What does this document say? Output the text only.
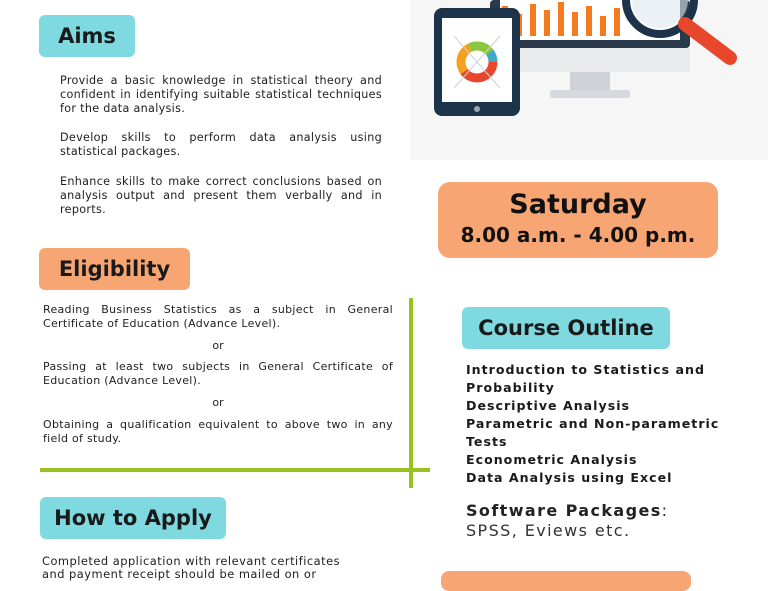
Aims
Provide a basic knowledge in statistical theory and confident in identifying suitable statistical techniques for the data analysis.
Develop skills to perform data analysis using statistical packages.
Enhance skills to make correct conclusions based on analysis output and present them verbally and in reports.	Saturday
8.00 a.m. - 4.00 p.m.
Eligibility
Reading Business Statistics as a subject in General Certificate of Education (Advance Level).
or
Passing at least two subjects in General Certificate of Education (Advance Level).
or
Obtaining a qualification equivalent to above two in any field of study.
Course Outline
Introduction to Statistics and Probability
Descriptive Analysis
Parametric and Non-parametric Tests
Econometric Analysis
Data Analysis using Excel
Software Packages:
SPSS, Eviews etc.
How to Apply
Completed application with relevant certificates
and payment receipt should be mailed on or
